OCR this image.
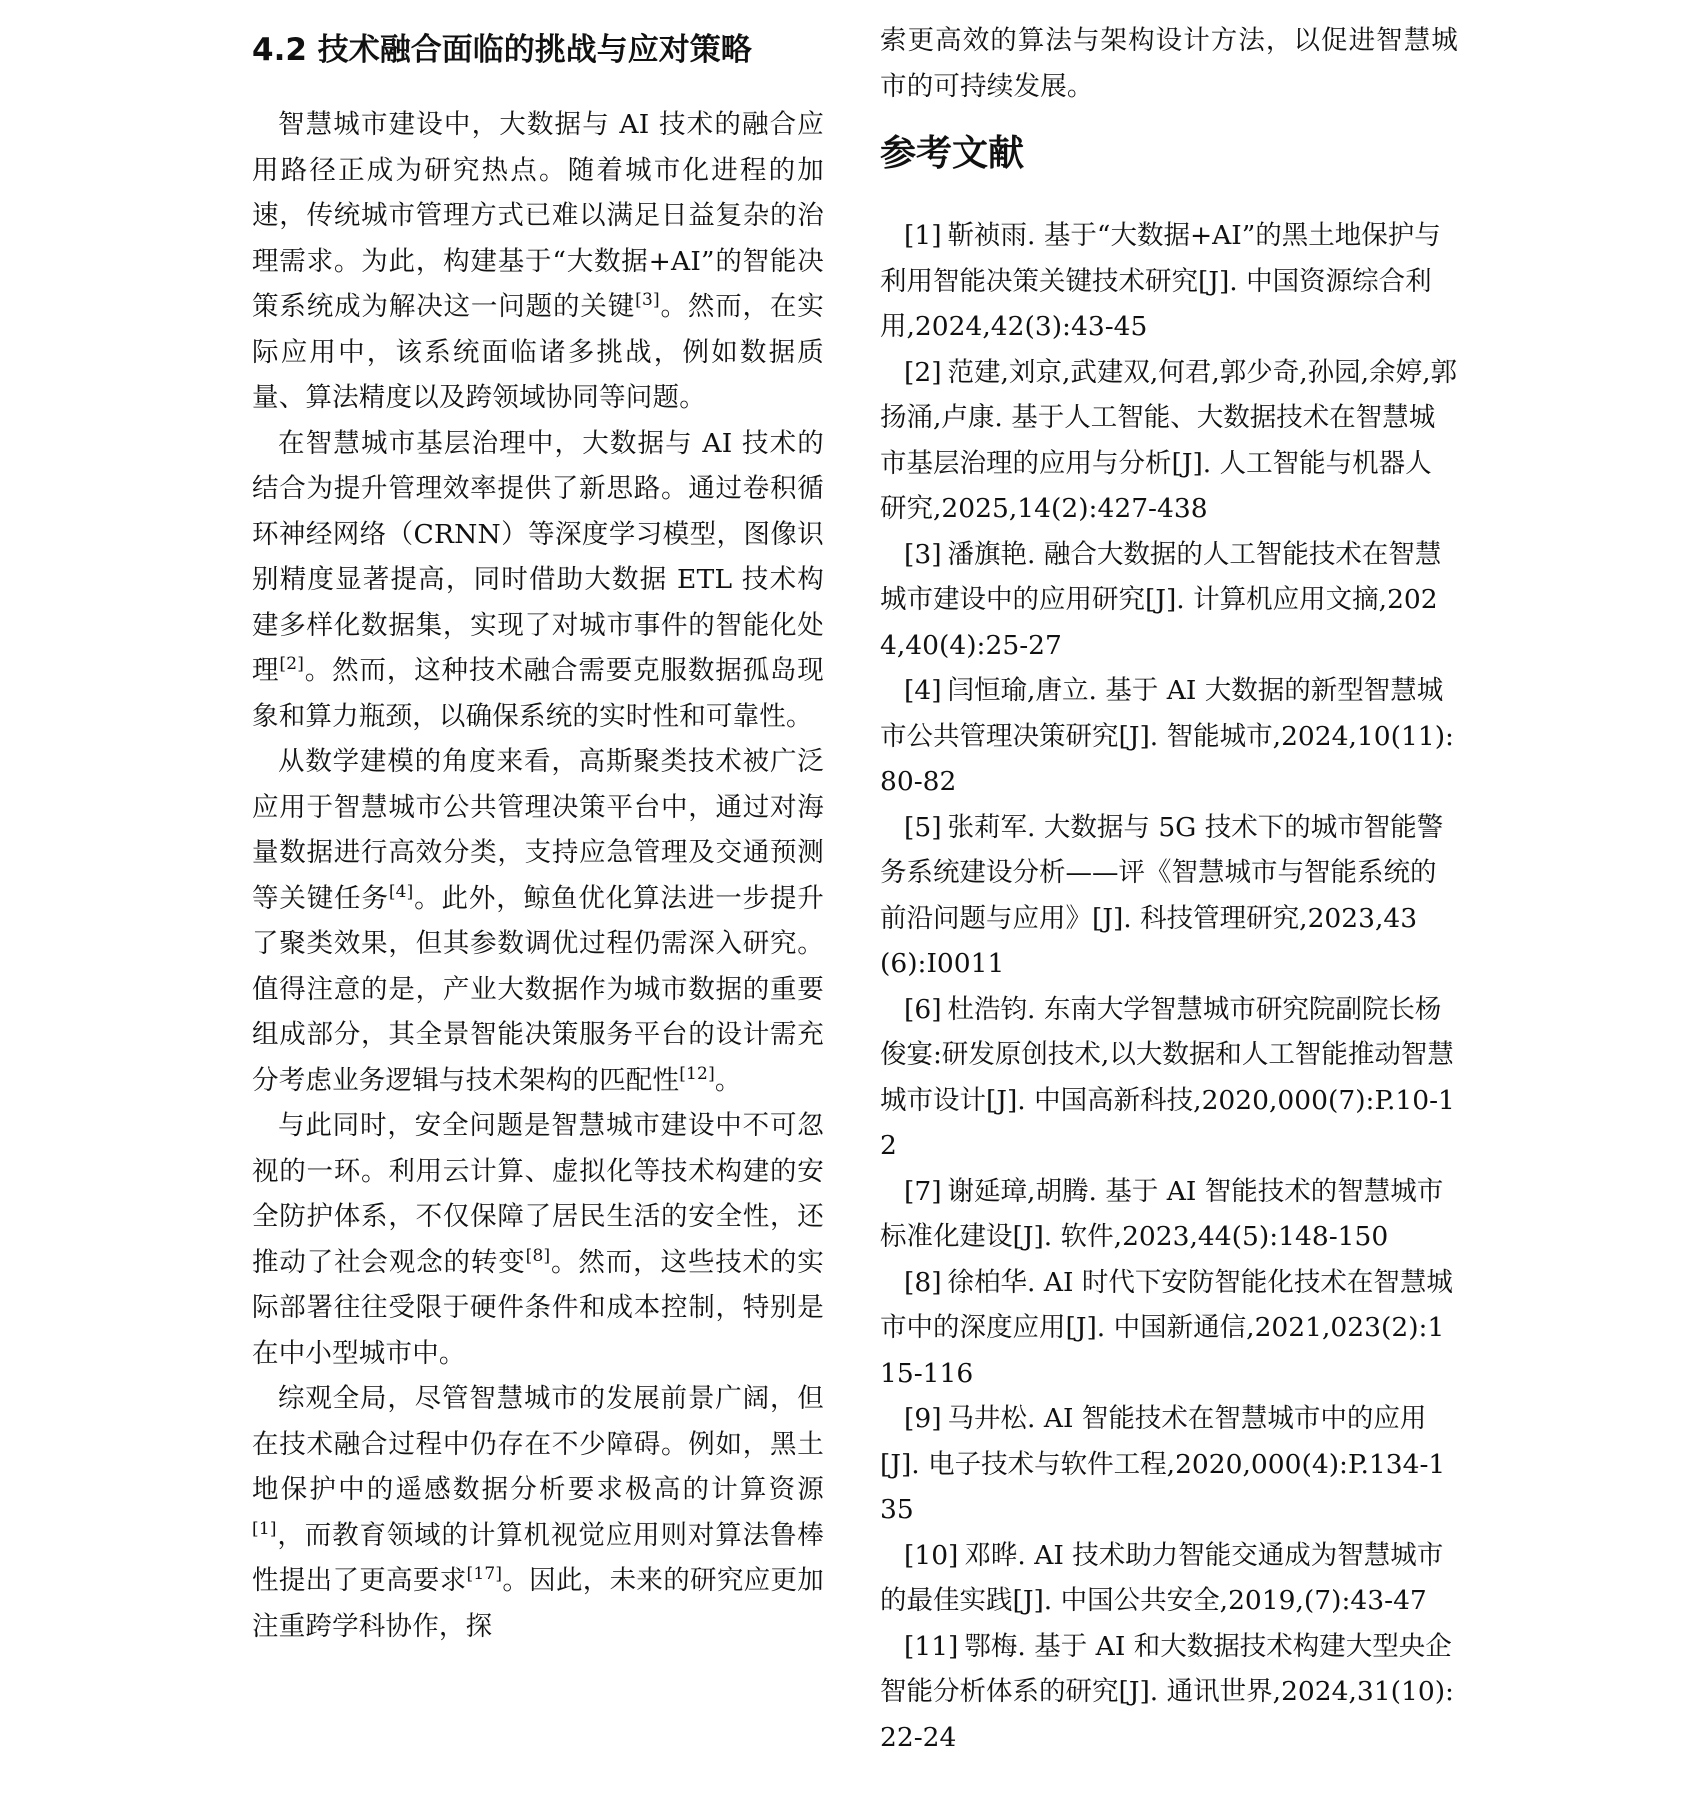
4.2 技术融合面临的挑战与应对策略

智慧城市建设中，大数据与 AI 技术的融合应用路径正成为研究热点。随着城市化进程的加速，传统城市管理方式已难以满足日益复杂的治理需求。为此，构建基于“大数据+AI”的智能决策系统成为解决这一问题的关键[3]。然而，在实际应用中，该系统面临诸多挑战，例如数据质量、算法精度以及跨领域协同等问题。

在智慧城市基层治理中，大数据与 AI 技术的结合为提升管理效率提供了新思路。通过卷积循环神经网络（CRNN）等深度学习模型，图像识别精度显著提高，同时借助大数据 ETL 技术构建多样化数据集，实现了对城市事件的智能化处理[2]。然而，这种技术融合需要克服数据孤岛现象和算力瓶颈，以确保系统的实时性和可靠性。

从数学建模的角度来看，高斯聚类技术被广泛应用于智慧城市公共管理决策平台中，通过对海量数据进行高效分类，支持应急管理及交通预测等关键任务[4]。此外，鲸鱼优化算法进一步提升了聚类效果，但其参数调优过程仍需深入研究。值得注意的是，产业大数据作为城市数据的重要组成部分，其全景智能决策服务平台的设计需充分考虑业务逻辑与技术架构的匹配性[12]。

与此同时，安全问题是智慧城市建设中不可忽视的一环。利用云计算、虚拟化等技术构建的安全防护体系，不仅保障了居民生活的安全性，还推动了社会观念的转变[8]。然而，这些技术的实际部署往往受限于硬件条件和成本控制，特别是在中小型城市中。

综观全局，尽管智慧城市的发展前景广阔，但在技术融合过程中仍存在不少障碍。例如，黑土地保护中的遥感数据分析要求极高的计算资源[1]，而教育领域的计算机视觉应用则对算法鲁棒性提出了更高要求[17]。因此，未来的研究应更加注重跨学科协作，探

索更高效的算法与架构设计方法，以促进智慧城市的可持续发展。

参考文献

[1] 靳祯雨. 基于“大数据+AI”的黑土地保护与利用智能决策关键技术研究[J]. 中国资源综合利用,2024,42(3):43-45

[2] 范建,刘京,武建双,何君,郭少奇,孙园,余婷,郭扬涌,卢康. 基于人工智能、大数据技术在智慧城市基层治理的应用与分析[J]. 人工智能与机器人研究,2025,14(2):427-438

[3] 潘旗艳. 融合大数据的人工智能技术在智慧城市建设中的应用研究[J]. 计算机应用文摘,2024,40(4):25-27

[4] 闫恒瑜,唐立. 基于 AI 大数据的新型智慧城市公共管理决策研究[J]. 智能城市,2024,10(11):80-82

[5] 张莉军. 大数据与 5G 技术下的城市智能警务系统建设分析——评《智慧城市与智能系统的前沿问题与应用》[J]. 科技管理研究,2023,43(6):I0011

[6] 杜浩钧. 东南大学智慧城市研究院副院长杨俊宴:研发原创技术,以大数据和人工智能推动智慧城市设计[J]. 中国高新科技,2020,000(7):P.10-12

[7] 谢延璋,胡腾. 基于 AI 智能技术的智慧城市标准化建设[J]. 软件,2023,44(5):148-150

[8] 徐柏华. AI 时代下安防智能化技术在智慧城市中的深度应用[J]. 中国新通信,2021,023(2):115-116

[9] 马井松. AI 智能技术在智慧城市中的应用[J]. 电子技术与软件工程,2020,000(4):P.134-135

[10] 邓晔. AI 技术助力智能交通成为智慧城市的最佳实践[J]. 中国公共安全,2019,(7):43-47

[11] 鄂梅. 基于 AI 和大数据技术构建大型央企智能分析体系的研究[J]. 通讯世界,2024,31(10):22-24
